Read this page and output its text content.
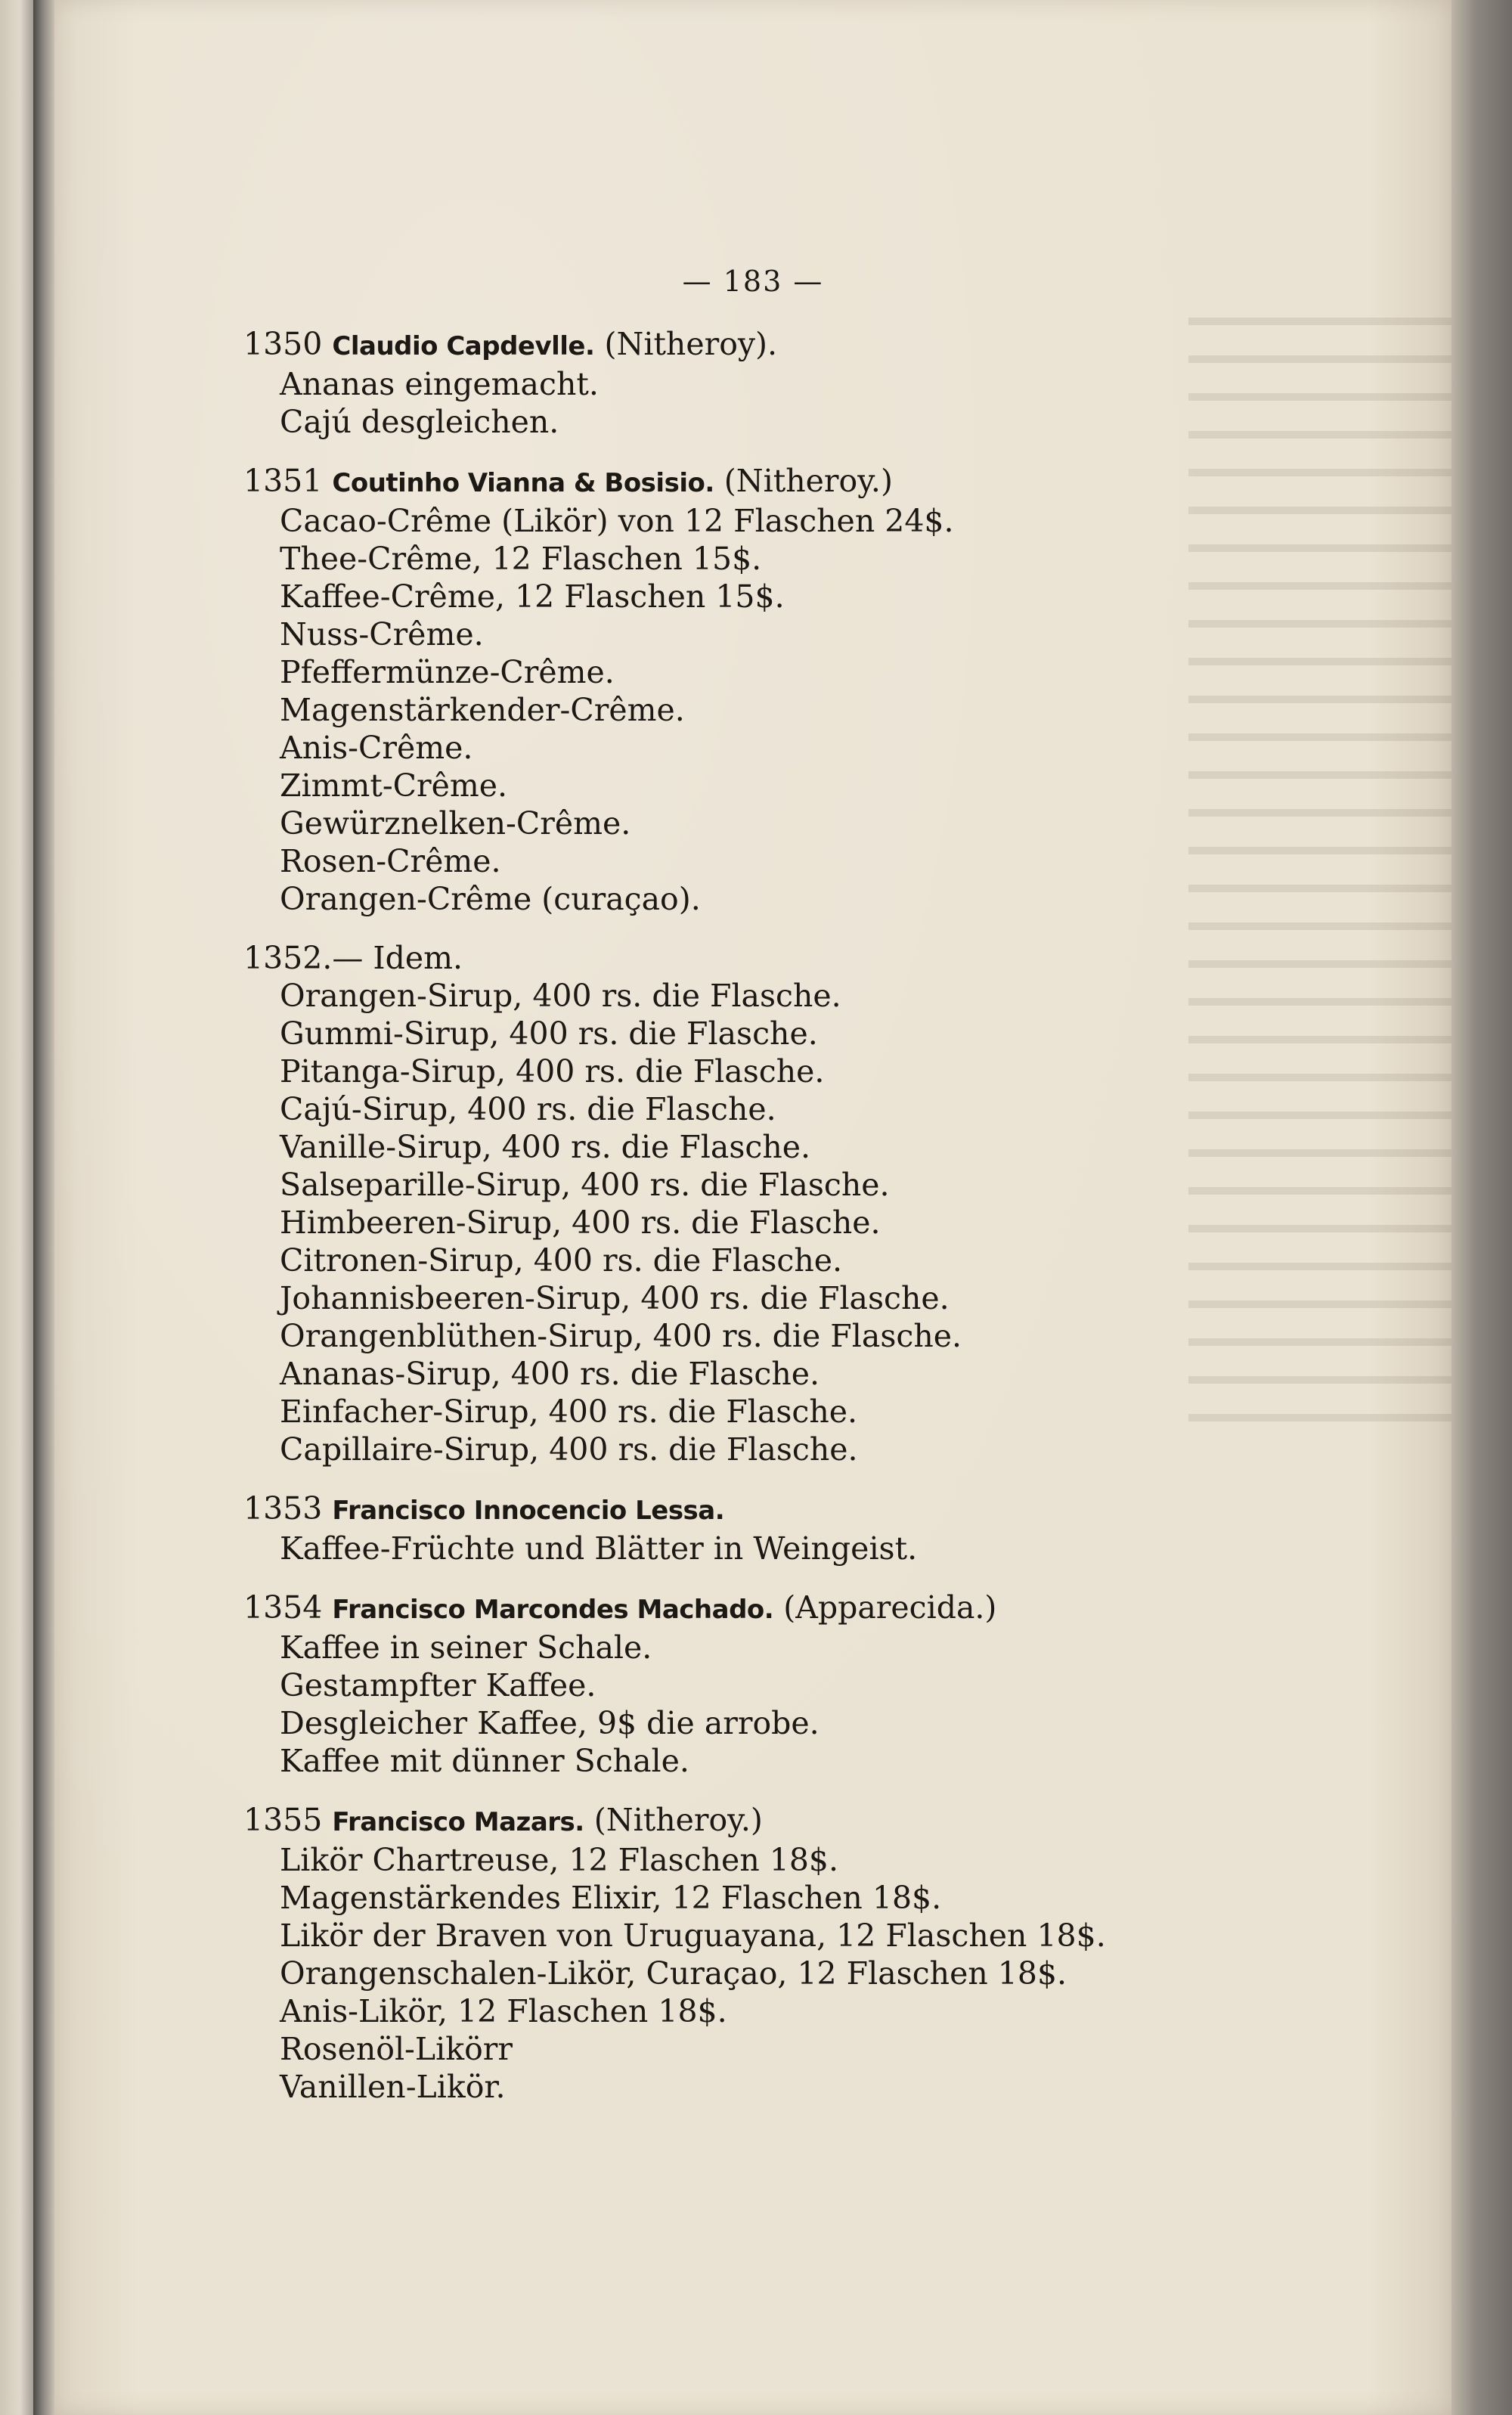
— 183 —
1350 Claudio Capdevlle. (Nitheroy).
Ananas eingemacht.
Cajú desgleichen.
1351 Coutinho Vianna & Bosisio. (Nitheroy.)
Cacao-Crême (Likör) von 12 Flaschen 24$.
Thee-Crême, 12 Flaschen 15$.
Kaffee-Crême, 12 Flaschen 15$.
Nuss-Crême.
Pfeffermünze-Crême.
Magenstärkender-Crême.
Anis-Crême.
Zimmt-Crême.
Gewürznelken-Crême.
Rosen-Crême.
Orangen-Crême (curaçao).
1352.— Idem.
Orangen-Sirup, 400 rs. die Flasche.
Gummi-Sirup, 400 rs. die Flasche.
Pitanga-Sirup, 400 rs. die Flasche.
Cajú-Sirup, 400 rs. die Flasche.
Vanille-Sirup, 400 rs. die Flasche.
Salseparille-Sirup, 400 rs. die Flasche.
Himbeeren-Sirup, 400 rs. die Flasche.
Citronen-Sirup, 400 rs. die Flasche.
Johannisbeeren-Sirup, 400 rs. die Flasche.
Orangenblüthen-Sirup, 400 rs. die Flasche.
Ananas-Sirup, 400 rs. die Flasche.
Einfacher-Sirup, 400 rs. die Flasche.
Capillaire-Sirup, 400 rs. die Flasche.
1353 Francisco Innocencio Lessa.
Kaffee-Früchte und Blätter in Weingeist.
1354 Francisco Marcondes Machado. (Apparecida.)
Kaffee in seiner Schale.
Gestampfter Kaffee.
Desgleicher Kaffee, 9$ die arrobe.
Kaffee mit dünner Schale.
1355 Francisco Mazars. (Nitheroy.)
Likör Chartreuse, 12 Flaschen 18$.
Magenstärkendes Elixir, 12 Flaschen 18$.
Likör der Braven von Uruguayana, 12 Flaschen 18$.
Orangenschalen-Likör, Curaçao, 12 Flaschen 18$.
Anis-Likör, 12 Flaschen 18$.
Rosenöl-Likörr
Vanillen-Likör.
